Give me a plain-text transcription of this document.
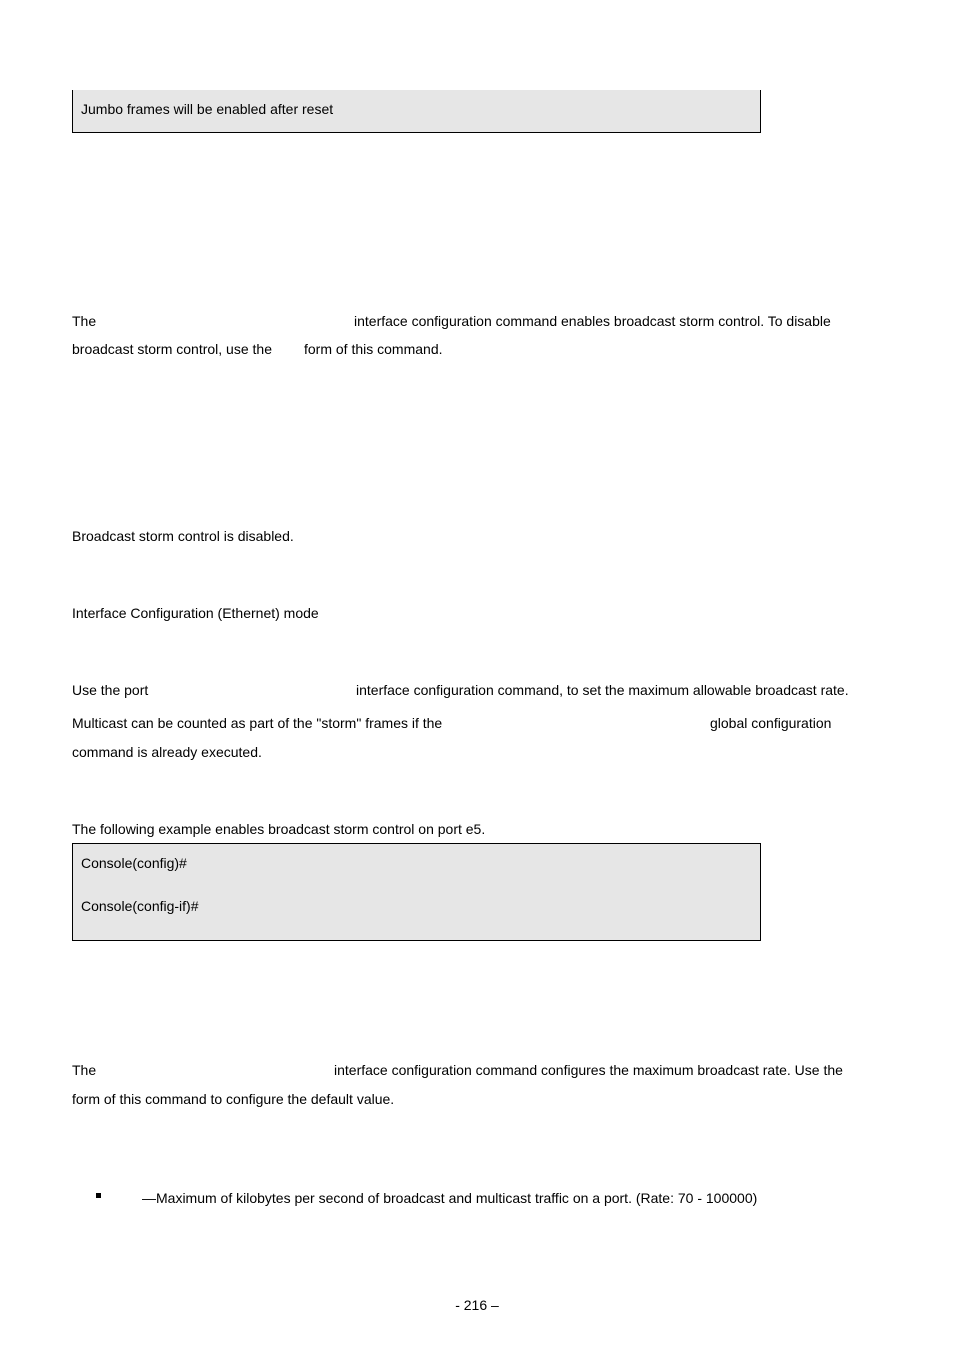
Jumbo frames will be enabled after reset
The	interface configuration command enables broadcast storm control. To disable
broadcast storm control, use the form of this command.
Broadcast storm control is disabled.
Interface Configuration (Ethernet) mode
Use the port	interface configuration command, to set the maximum allowable broadcast rate.
Multicast can be counted as part of the "storm" frames if the	global configuration
command is already executed.
The following example enables broadcast storm control on port e5.
Console(config)#
Console(config-if)#
The	interface configuration command configures the maximum broadcast rate. Use the
form of this command to configure the default value.
—Maximum of kilobytes per second of broadcast and multicast traffic on a port. (Rate: 70 - 100000)
- 216 –
